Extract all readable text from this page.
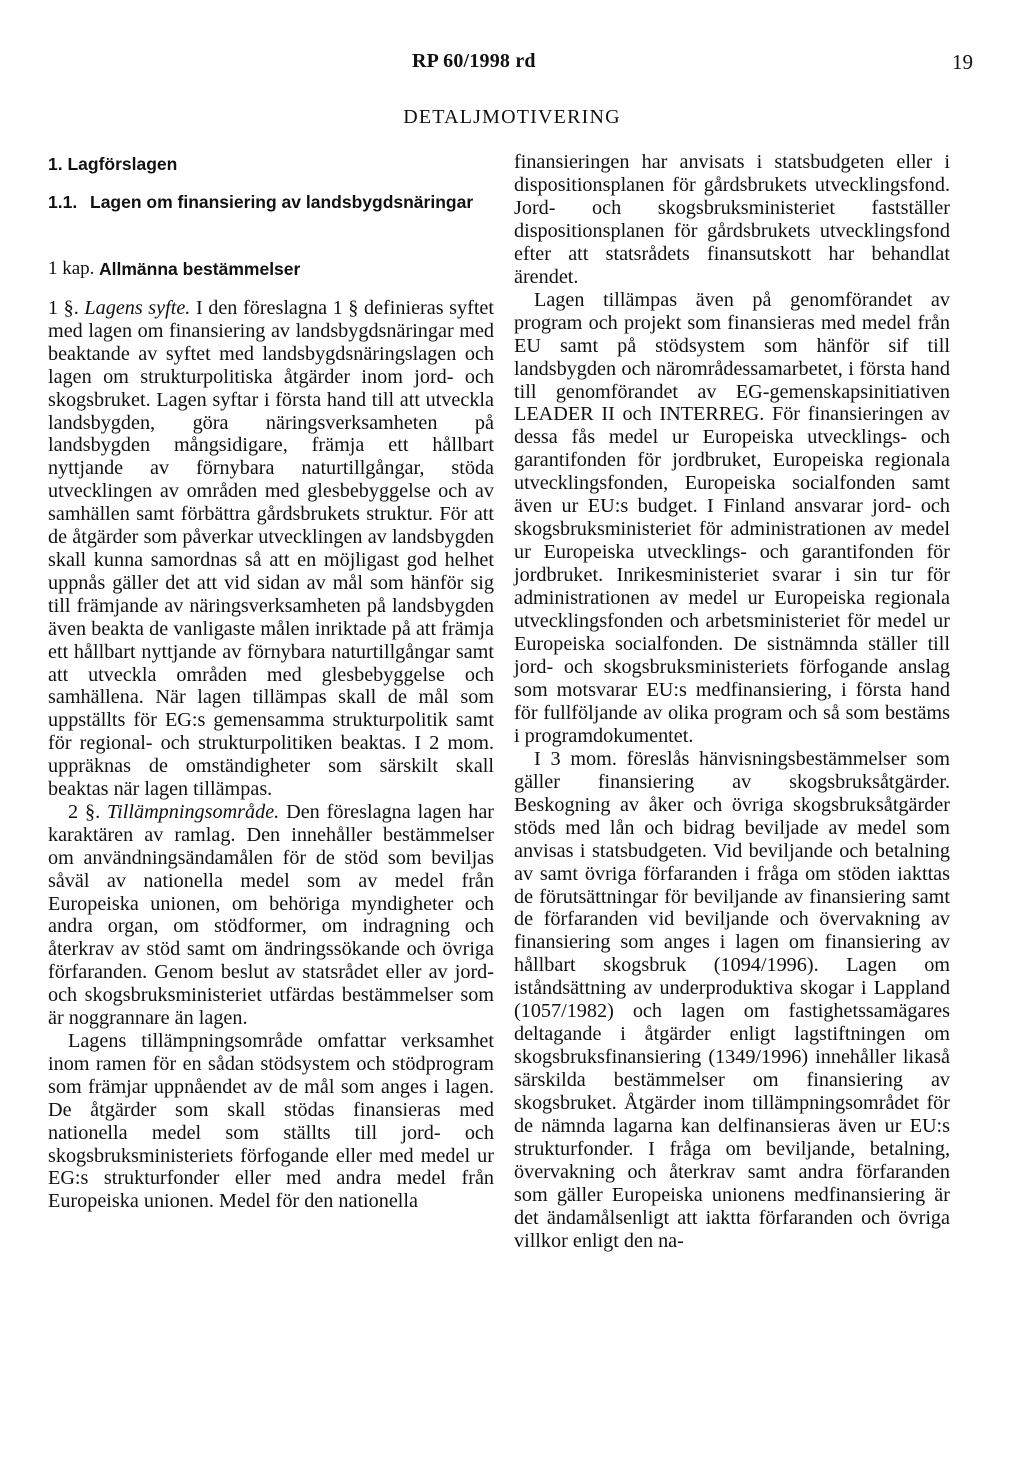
RP 60/1998 rd	19
DETALJMOTIVERING
1. Lagförslagen
1.1. Lagen om finansiering av landsbygdsnäringar
1 kap. Allmänna bestämmelser

1 §. Lagens syfte. I den föreslagna 1 § definieras syftet med lagen om finansiering av landsbygdsnäringar med beaktande av syftet med landsbygdsnäringslagen och lagen om strukturpolitiska åtgärder inom jord- och skogsbruket. Lagen syftar i första hand till att utveckla landsbygden, göra näringsverksamheten på landsbygden mångsidigare, främja ett hållbart nyttjande av förnybara naturtillgångar, stöda utvecklingen av områden med glesbebyggelse och av samhällen samt förbättra gårdsbrukets struktur. För att de åtgärder som påverkar utvecklingen av landsbygden skall kunna samordnas så att en möjligast god helhet uppnås gäller det att vid sidan av mål som hänför sig till främjande av näringsverksamheten på landsbygden även beakta de vanligaste målen inriktade på att främja ett hållbart nyttjande av förnybara naturtillgångar samt att utveckla områden med glesbebyggelse och samhällena. När lagen tillämpas skall de mål som uppställts för EG:s gemensamma strukturpolitik samt för regional- och strukturpolitiken beaktas. I 2 mom. uppräknas de omständigheter som särskilt skall beaktas när lagen tillämpas.

2 §. Tillämpningsområde. Den föreslagna lagen har karaktären av ramlag. Den innehåller bestämmelser om användningsändamålen för de stöd som beviljas såväl av nationella medel som av medel från Europeiska unionen, om behöriga myndigheter och andra organ, om stödformer, om indragning och återkrav av stöd samt om ändringssökande och övriga förfaranden. Genom beslut av statsrådet eller av jord- och skogsbruksministeriet utfärdas bestämmelser som är noggrannare än lagen.

Lagens tillämpningsområde omfattar verksamhet inom ramen för en sådan stödsystem och stödprogram som främjar uppnåendet av de mål som anges i lagen. De åtgärder som skall stödas finansieras med nationella medel som ställts till jord- och skogsbruksministeriets förfogande eller med medel ur EG:s strukturfonder eller med andra medel från Europeiska unionen. Medel för den nationella

finansieringen har anvisats i statsbudgeten eller i dispositionsplanen för gårdsbrukets utvecklingsfond. Jord- och skogsbruksministeriet fastställer dispositionsplanen för gårdsbrukets utvecklingsfond efter att statsrådets finansutskott har behandlat ärendet.

Lagen tillämpas även på genomförandet av program och projekt som finansieras med medel från EU samt på stödsystem som hänför sif till landsbygden och närområdessamarbetet, i första hand till genomförandet av EG-gemenskapsinitiativen LEADER II och INTERREG. För finansieringen av dessa fås medel ur Europeiska utvecklings- och garantifonden för jordbruket, Europeiska regionala utvecklingsfonden, Europeiska socialfonden samt även ur EU:s budget. I Finland ansvarar jord- och skogsbruksministeriet för administrationen av medel ur Europeiska utvecklings- och garantifonden för jordbruket. Inrikesministeriet svarar i sin tur för administrationen av medel ur Europeiska regionala utvecklingsfonden och arbetsministeriet för medel ur Europeiska socialfonden. De sistnämnda ställer till jord- och skogsbruksministeriets förfogande anslag som motsvarar EU:s medfinansiering, i första hand för fullföljande av olika program och så som bestäms i programdokumentet.

I 3 mom. föreslås hänvisningsbestämmelser som gäller finansiering av skogsbruksåtgärder. Beskogning av åker och övriga skogsbruksåtgärder stöds med lån och bidrag beviljade av medel som anvisas i statsbudgeten. Vid beviljande och betalning av samt övriga förfaranden i fråga om stöden iakttas de förutsättningar för beviljande av finansiering samt de förfaranden vid beviljande och övervakning av finansiering som anges i lagen om finansiering av hållbart skogsbruk (1094/1996). Lagen om iståndsättning av underproduktiva skogar i Lappland (1057/1982) och lagen om fastighetssamägares deltagande i åtgärder enligt lagstiftningen om skogsbruksfinansiering (1349/1996) innehåller likaså särskilda bestämmelser om finansiering av skogsbruket. Åtgärder inom tillämpningsområdet för de nämnda lagarna kan delfinansieras även ur EU:s strukturfonder. I fråga om beviljande, betalning, övervakning och återkrav samt andra förfaranden som gäller Europeiska unionens medfinansiering är det ändamålsenligt att iaktta förfaranden och övriga villkor enligt den na-
